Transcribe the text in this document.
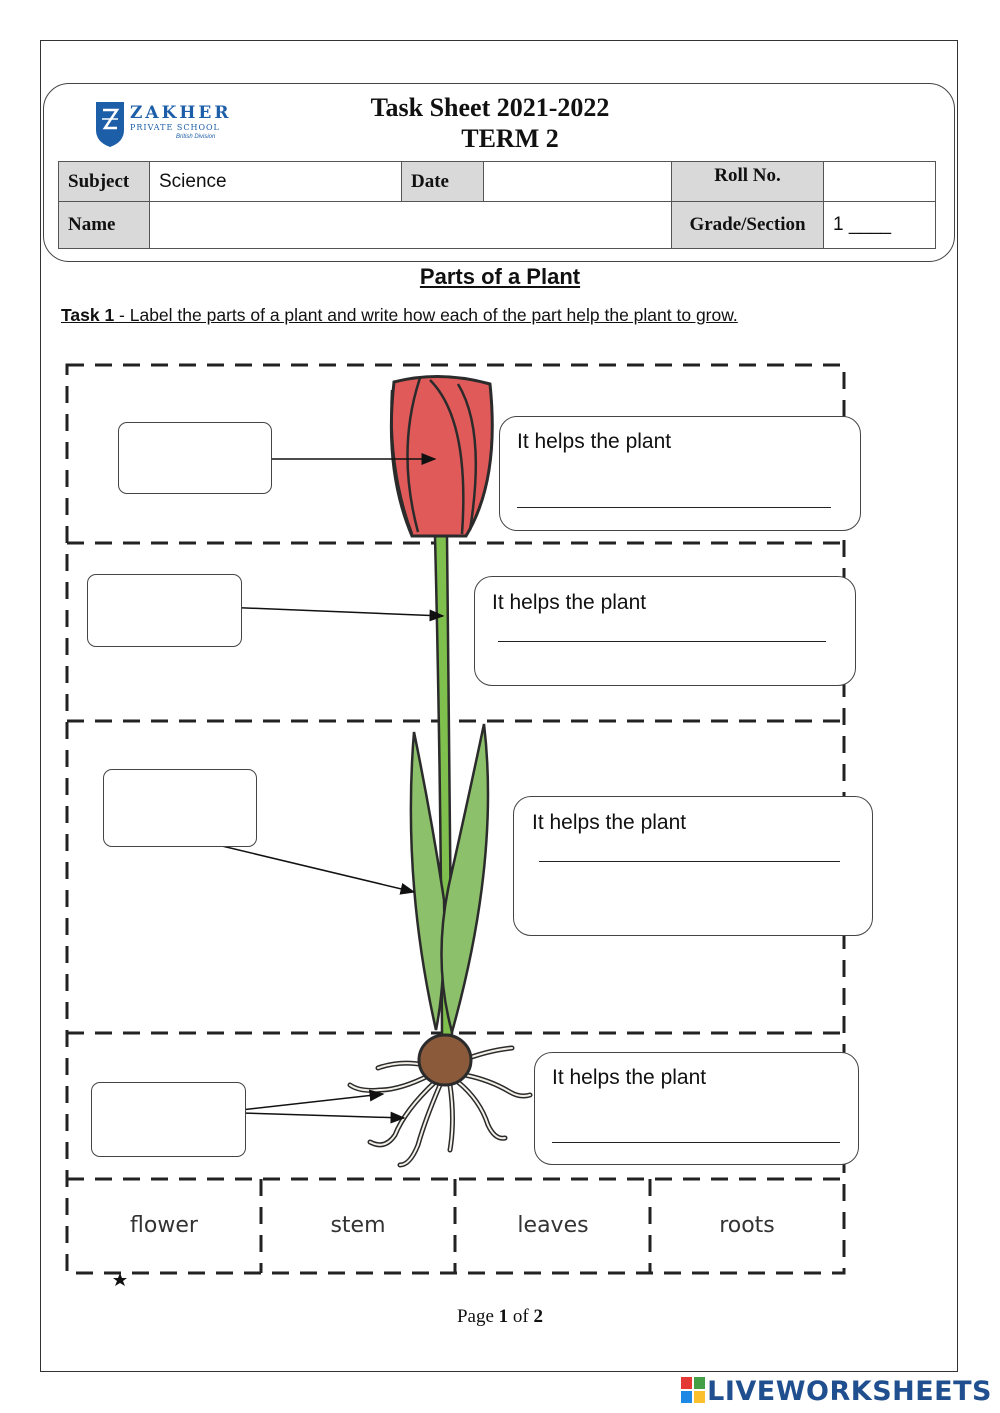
ZAKHER
PRIVATE SCHOOL
British Division
Task Sheet 2021-2022
TERM 2
Subject	Science	Date		Roll No.	
Name				Grade/Section	1 ____
Parts of a Plant
Task 1 - Label the parts of a plant and write how each of the part help the plant to grow.
It helps the plant
It helps the plant
It helps the plant
It helps the plant
flower	stem	leaves	roots
Page 1 of 2
LIVEWORKSHEETS
